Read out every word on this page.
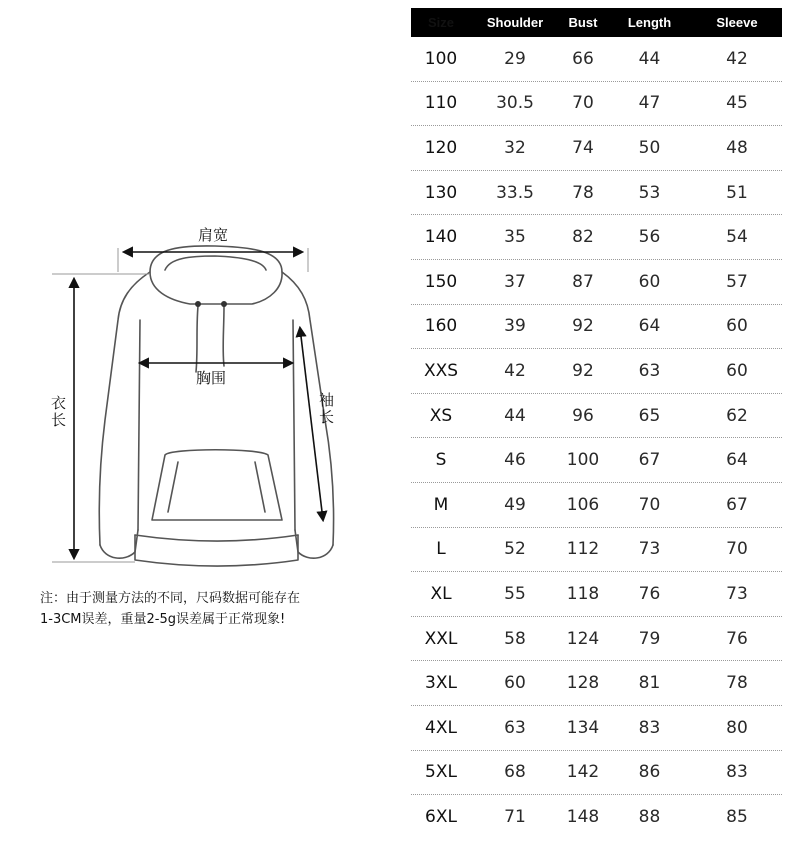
肩宽
胸围
衣长	袖长
注：由于测量方法的不同，尺码数据可能存在
1-3CM误差，重量2-5g误差属于正常现象!
Size	Shoulder	Bust	Length	Sleeve
100	29	66	44	42
110	30.5	70	47	45
120	32	74	50	48
130	33.5	78	53	51
140	35	82	56	54
150	37	87	60	57
160	39	92	64	60
XXS	42	92	63	60
XS	44	96	65	62
S	46	100	67	64
M	49	106	70	67
L	52	112	73	70
XL	55	118	76	73
XXL	58	124	79	76
3XL	60	128	81	78
4XL	63	134	83	80
5XL	68	142	86	83
6XL	71	148	88	85
